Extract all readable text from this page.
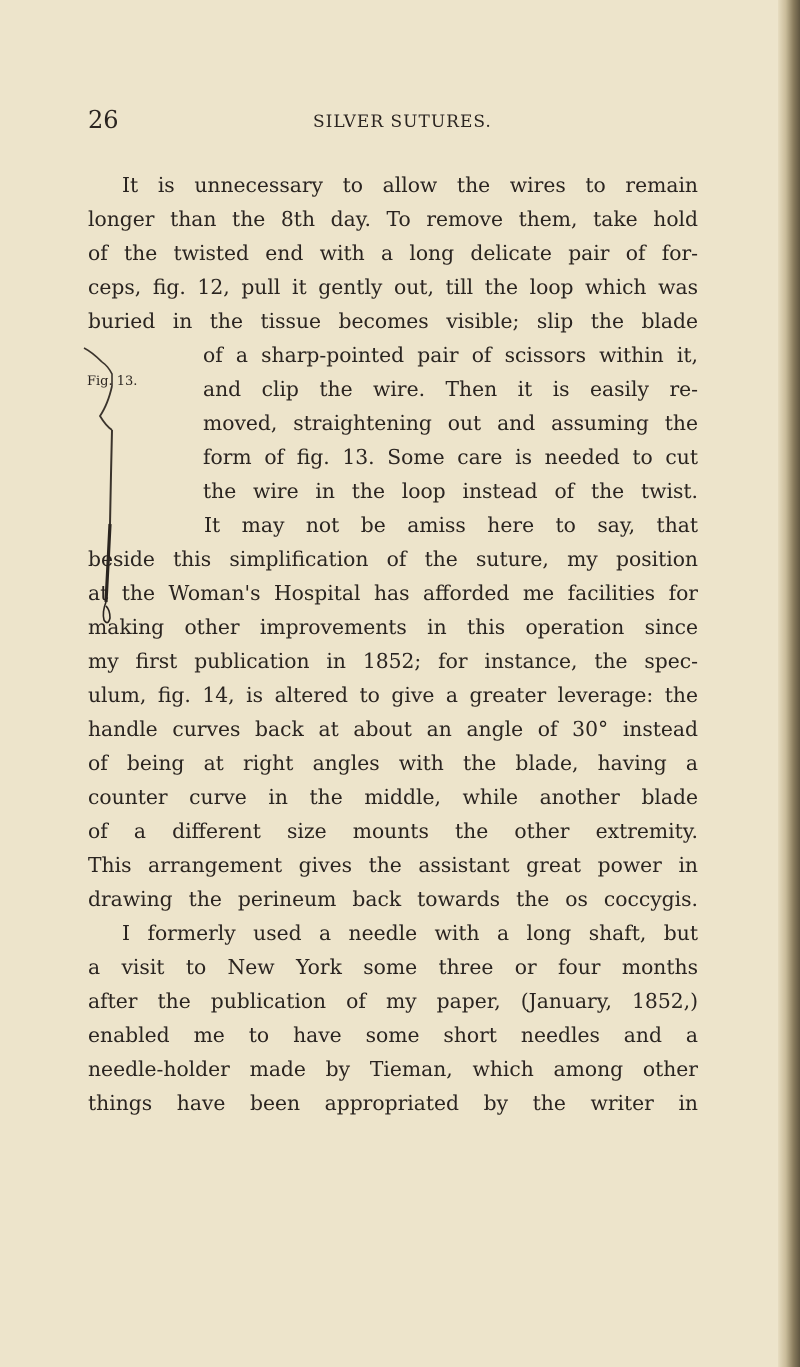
26	SILVER SUTURES.
Fig. 13.
It is unnecessary to allow the wires to remain
longer than the 8th day. To remove them, take hold
of the twisted end with a long delicate pair of for-
ceps, fig. 12, pull it gently out, till the loop which was
buried in the tissue becomes visible; slip the blade
of a sharp-pointed pair of scissors within it,
and clip the wire. Then it is easily re-
moved, straightening out and assuming the
form of fig. 13. Some care is needed to cut
the wire in the loop instead of the twist.
It may not be amiss here to say, that
beside this simplification of the suture, my position
at the Woman's Hospital has afforded me facilities for
making other improvements in this operation since
my first publication in 1852; for instance, the spec-
ulum, fig. 14, is altered to give a greater leverage: the
handle curves back at about an angle of 30° instead
of being at right angles with the blade, having a
counter curve in the middle, while another blade
of a different size mounts the other extremity.
This arrangement gives the assistant great power in
drawing the perineum back towards the os coccygis.
I formerly used a needle with a long shaft, but
a visit to New York some three or four months
after the publication of my paper, (January, 1852,)
enabled me to have some short needles and a
needle-holder made by Tieman, which among other
things have been appropriated by the writer in
